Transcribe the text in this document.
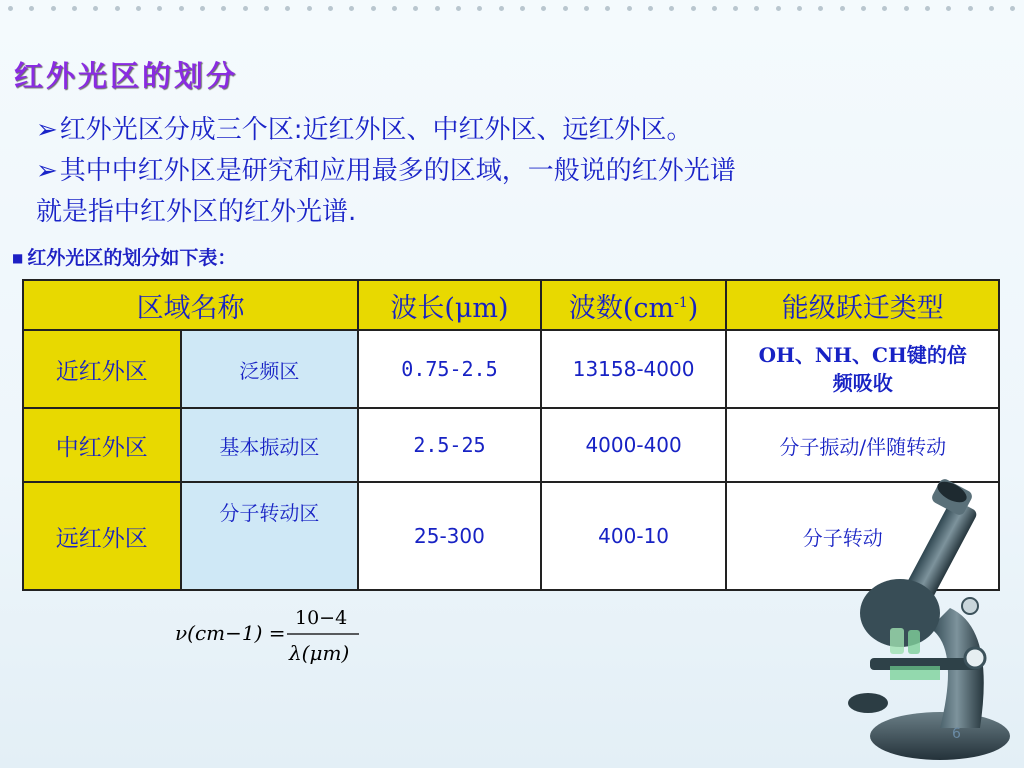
红外光区的划分
➢红外光区分成三个区:近红外区、中红外区、远红外区。
➢其中中红外区是研究和应用最多的区域，一般说的红外光谱
就是指中红外区的红外光谱.
■ 红外光区的划分如下表：
区域名称		波长(μm)	波数$(cm^{-1})$	能级跃迁类型
近红外区	泛频区	0.75-2.5	13158-4000	OH、NH、CH键的倍频吸收
中红外区	基本振动区	2.5-25	4000-400	分子振动/伴随转动
远红外区	分子转动区	25-300	400-10	分子转动
ν(cm−1) =
10−4
λ(μm)
6
